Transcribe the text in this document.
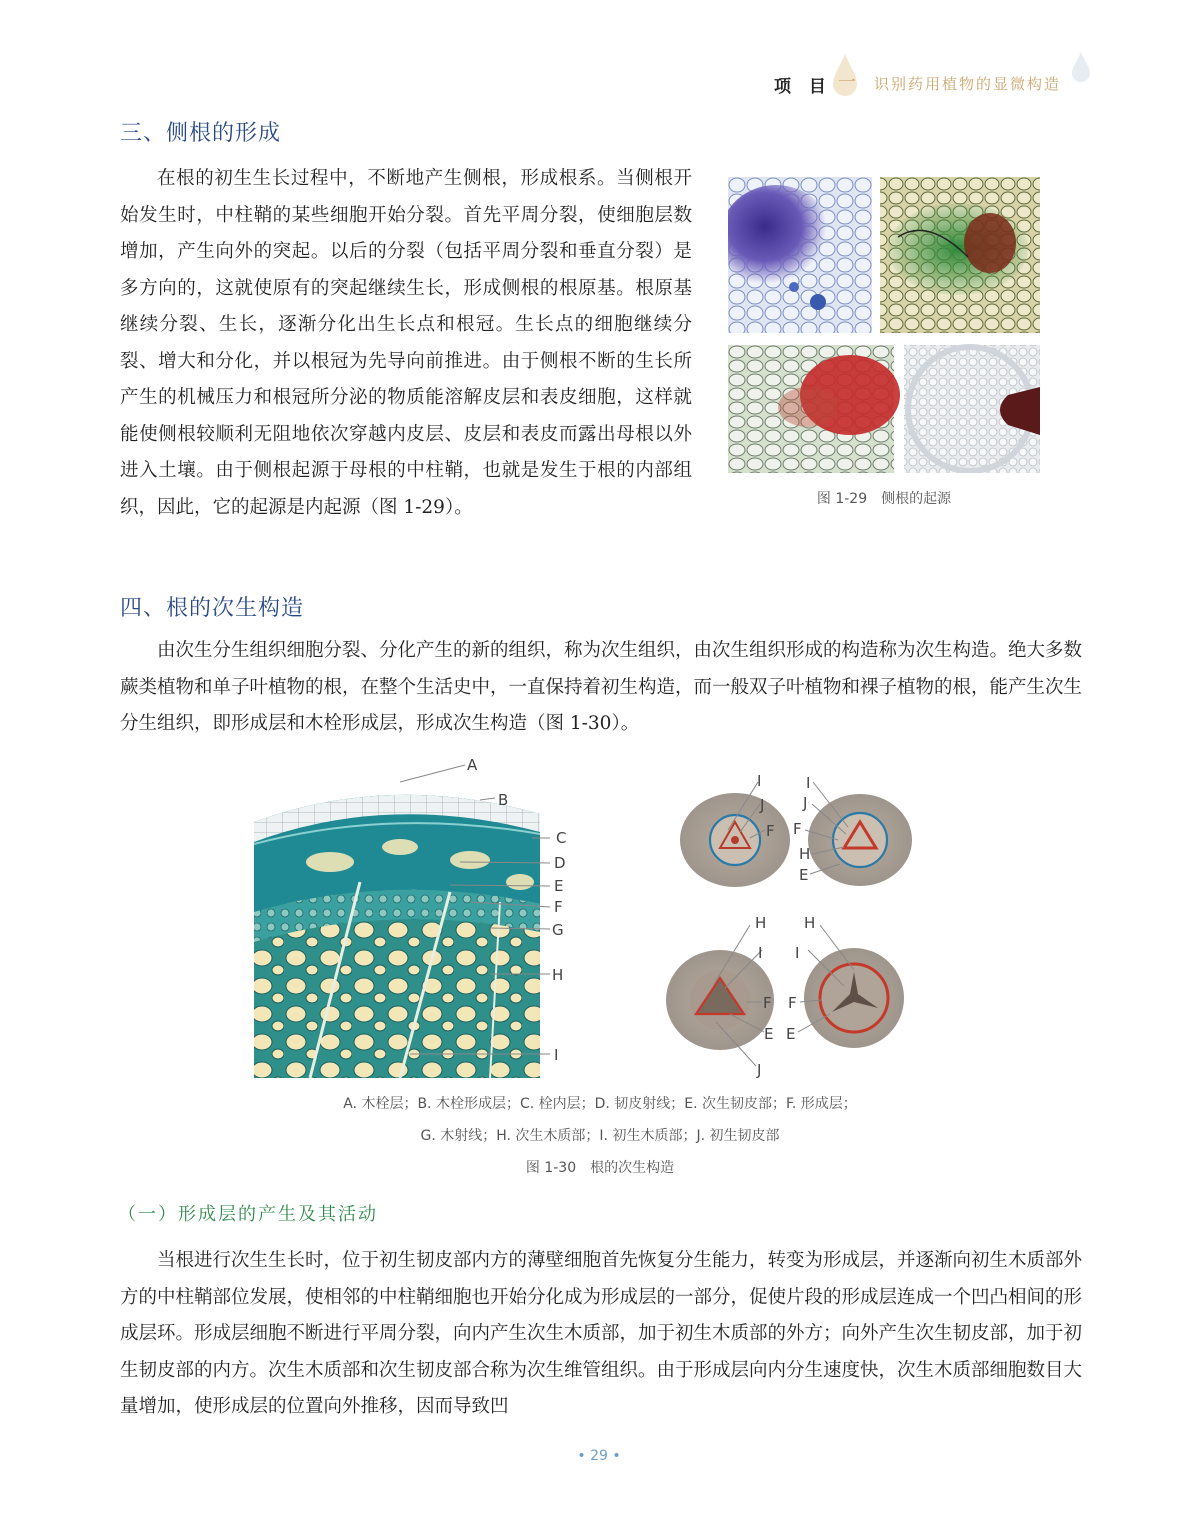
项 目 一 识别药用植物的显微构造
三、侧根的形成

在根的初生生长过程中，不断地产生侧根，形成根系。当侧根开始发生时，中柱鞘的某些细胞开始分裂。首先平周分裂，使细胞层数增加，产生向外的突起。以后的分裂（包括平周分裂和垂直分裂）是多方向的，这就使原有的突起继续生长，形成侧根的根原基。根原基继续分裂、生长，逐渐分化出生长点和根冠。生长点的细胞继续分裂、增大和分化，并以根冠为先导向前推进。由于侧根不断的生长所产生的机械压力和根冠所分泌的物质能溶解皮层和表皮细胞，这样就能使侧根较顺利无阻地依次穿越内皮层、皮层和表皮而露出母根以外进入土壤。由于侧根起源于母根的中柱鞘，也就是发生于根的内部组织，因此，它的起源是内起源（图 1-29）。	图 1-29　侧根的起源
四、根的次生构造

由次生分生组织细胞分裂、分化产生的新的组织，称为次生组织，由次生组织形成的构造称为次生构造。绝大多数蕨类植物和单子叶植物的根，在整个生活史中，一直保持着初生构造，而一般双子叶植物和裸子植物的根，能产生次生分生组织，即形成层和木栓形成层，形成次生构造（图 1-30）。

A
B
C
D
E
F
G
H
I
I
J
F
I
J
F
H
E
H
I
F
E
J
H
I
F
E
A. 木栓层；B. 木栓形成层；C. 栓内层；D. 韧皮射线；E. 次生韧皮部；F. 形成层；
G. 木射线；H. 次生木质部；I. 初生木质部；J. 初生韧皮部
图 1-30　根的次生构造
（一）形成层的产生及其活动

当根进行次生生长时，位于初生韧皮部内方的薄壁细胞首先恢复分生能力，转变为形成层，并逐渐向初生木质部外方的中柱鞘部位发展，使相邻的中柱鞘细胞也开始分化成为形成层的一部分，促使片段的形成层连成一个凹凸相间的形成层环。形成层细胞不断进行平周分裂，向内产生次生木质部，加于初生木质部的外方；向外产生次生韧皮部，加于初生韧皮部的内方。次生木质部和次生韧皮部合称为次生维管组织。由于形成层向内分生速度快，次生木质部细胞数目大量增加，使形成层的位置向外推移，因而导致凹

• 29 •
